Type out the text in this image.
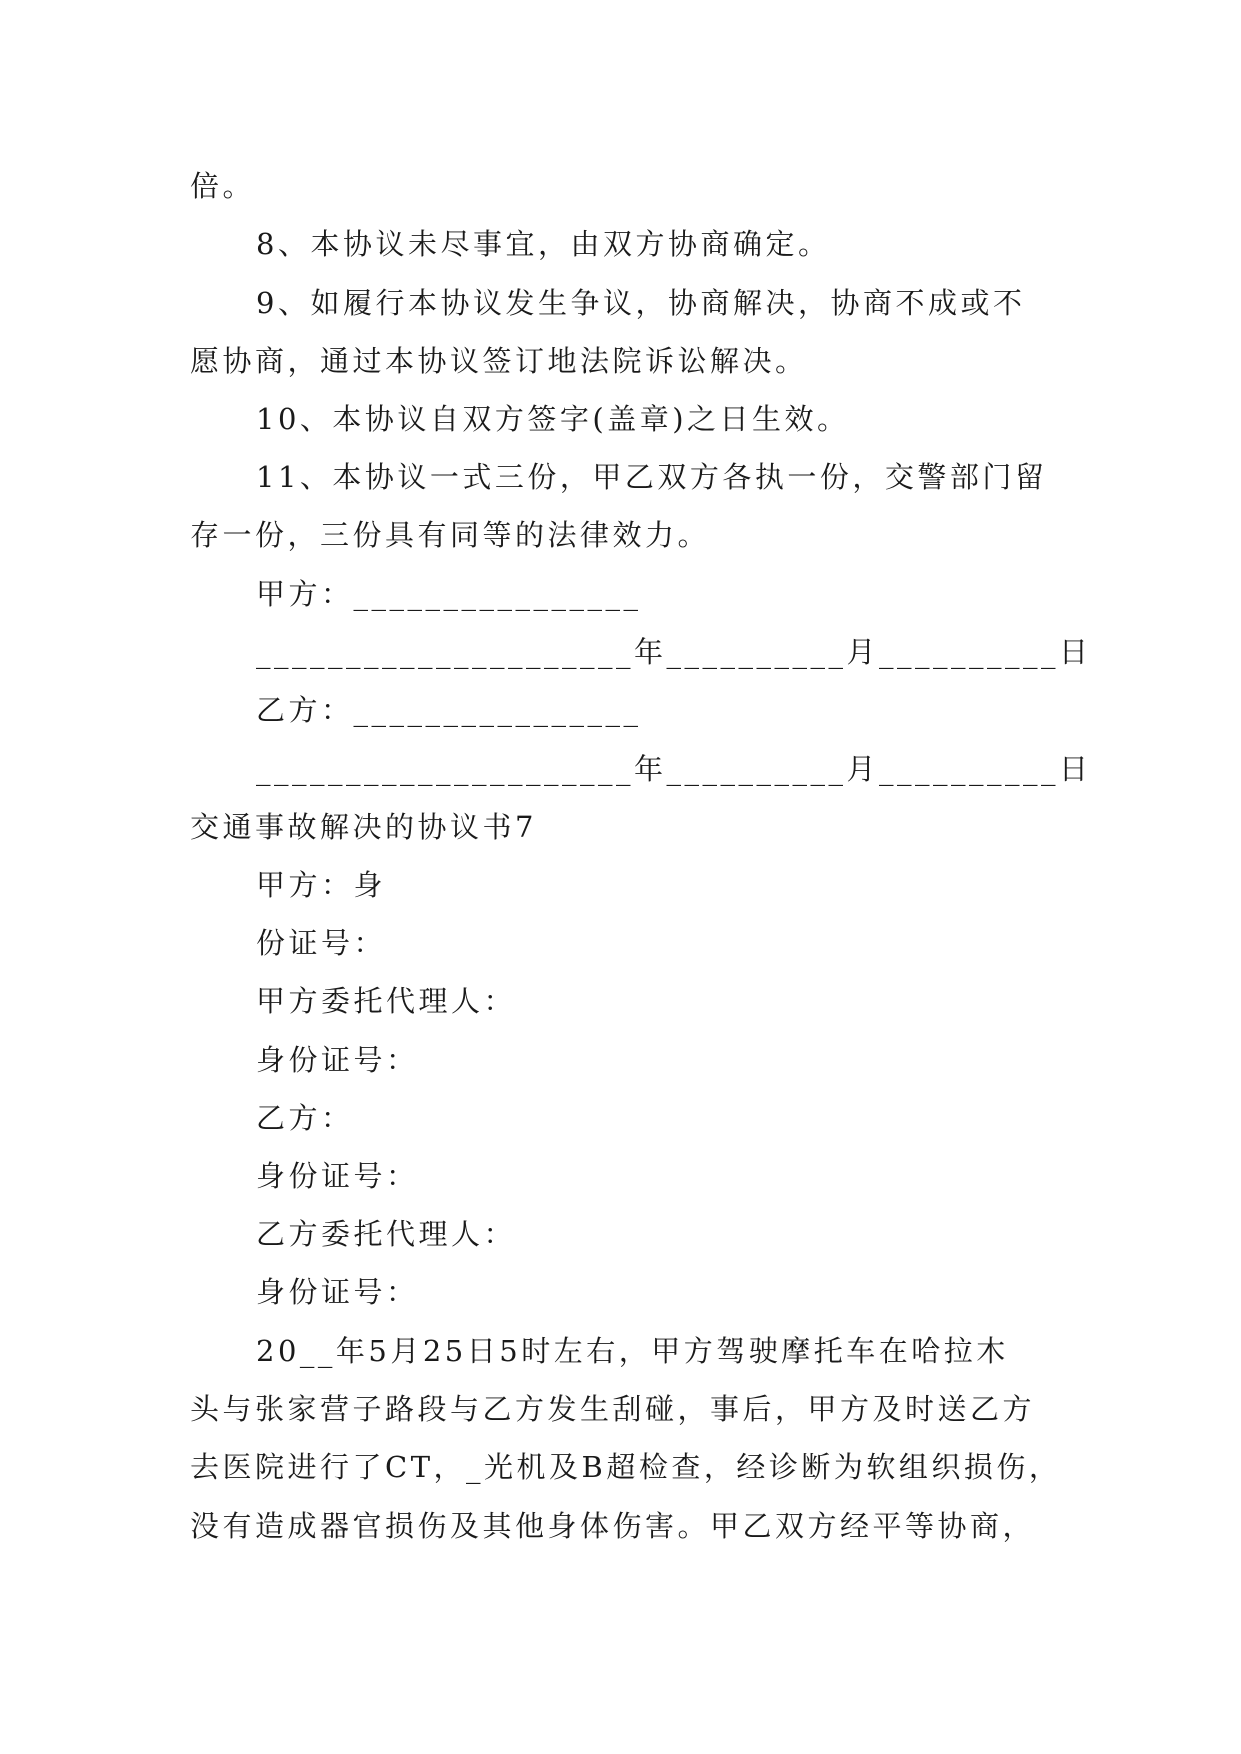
倍。
8、本协议未尽事宜，由双方协商确定。
9、如履行本协议发生争议，协商解决，协商不成或不
愿协商，通过本协议签订地法院诉讼解决。
10、本协议自双方签字(盖章)之日生效。
11、本协议一式三份，甲乙双方各执一份，交警部门留
存一份，三份具有同等的法律效力。
甲方：________________
_____________________年__________月__________日
乙方：________________
_____________________年__________月__________日
交通事故解决的协议书7
甲方：身
份证号：
甲方委托代理人：
身份证号：
乙方：
身份证号：
乙方委托代理人：
身份证号：
20__年5月25日5时左右，甲方驾驶摩托车在哈拉木
头与张家营子路段与乙方发生刮碰，事后，甲方及时送乙方
去医院进行了CT，_光机及B超检查，经诊断为软组织损伤，
没有造成器官损伤及其他身体伤害。甲乙双方经平等协商，
